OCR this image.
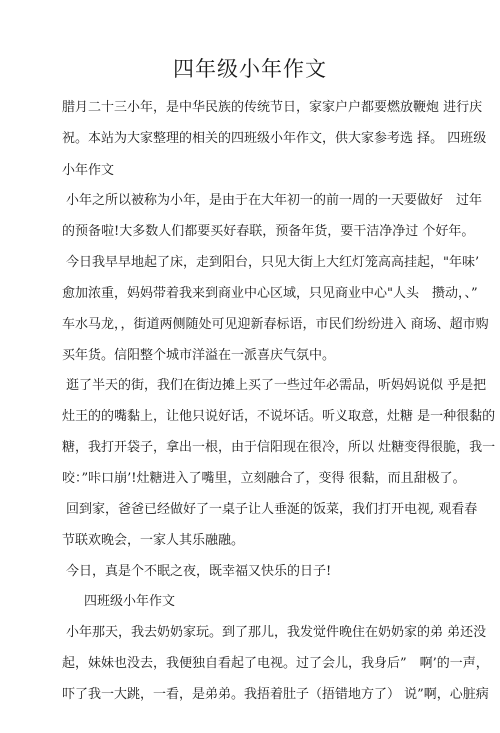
四年级小年作文
腊月二十三小年，是中华民族的传统节日，家家户户都要燃放鞭炮 进行庆
祝。本站为大家整理的相关的四班级小年作文，供大家参考选 择。 四班级
小年作文
小年之所以被称为小年，是由于在大年初一的前一周的一天要做好　过年
的预备啦!大多数人们都要买好春联，预备年货，要干洁净净过 个好年。
今日我早早地起了床，走到阳台，只见大街上大红灯笼高高挂起，"年味’
愈加浓重，妈妈带着我来到商业中心区域，只见商业中心"人头　攒动，、”
车水马龙，，街道两侧随处可见迎新春标语，市民们纷纷进入 商场、超市购
买年货。信阳整个城市洋溢在一派喜庆气氛中。
逛了半天的街，我们在街边摊上买了一些过年必需品，听妈妈说似 乎是把
灶王的的嘴黏上，让他只说好话，不说坏话。听义取意，灶糖 是一种很黏的
糖，我打开袋子，拿出一根，由于信阳现在很冷，所以 灶糖变得很脆，我一
咬：”咔口崩’!灶糖进入了嘴里，立刻融合了，变得 很黏，而且甜极了。
回到家，爸爸已经做好了一桌子让人垂涎的饭菜，我们打开电视, 观看春
节联欢晚会，一家人其乐融融。
今日，真是个不眠之夜，既幸福又快乐的日子!
四班级小年作文
小年那天，我去奶奶家玩。到了那儿，我发觉件晚住在奶奶家的弟 弟还没
起，妹妹也没去，我便独自看起了电视。过了会儿，我身后”　啊’的一声，
吓了我一大跳，一看，是弟弟。我捂着肚子（捂错地方了） 说”啊，心脏病
